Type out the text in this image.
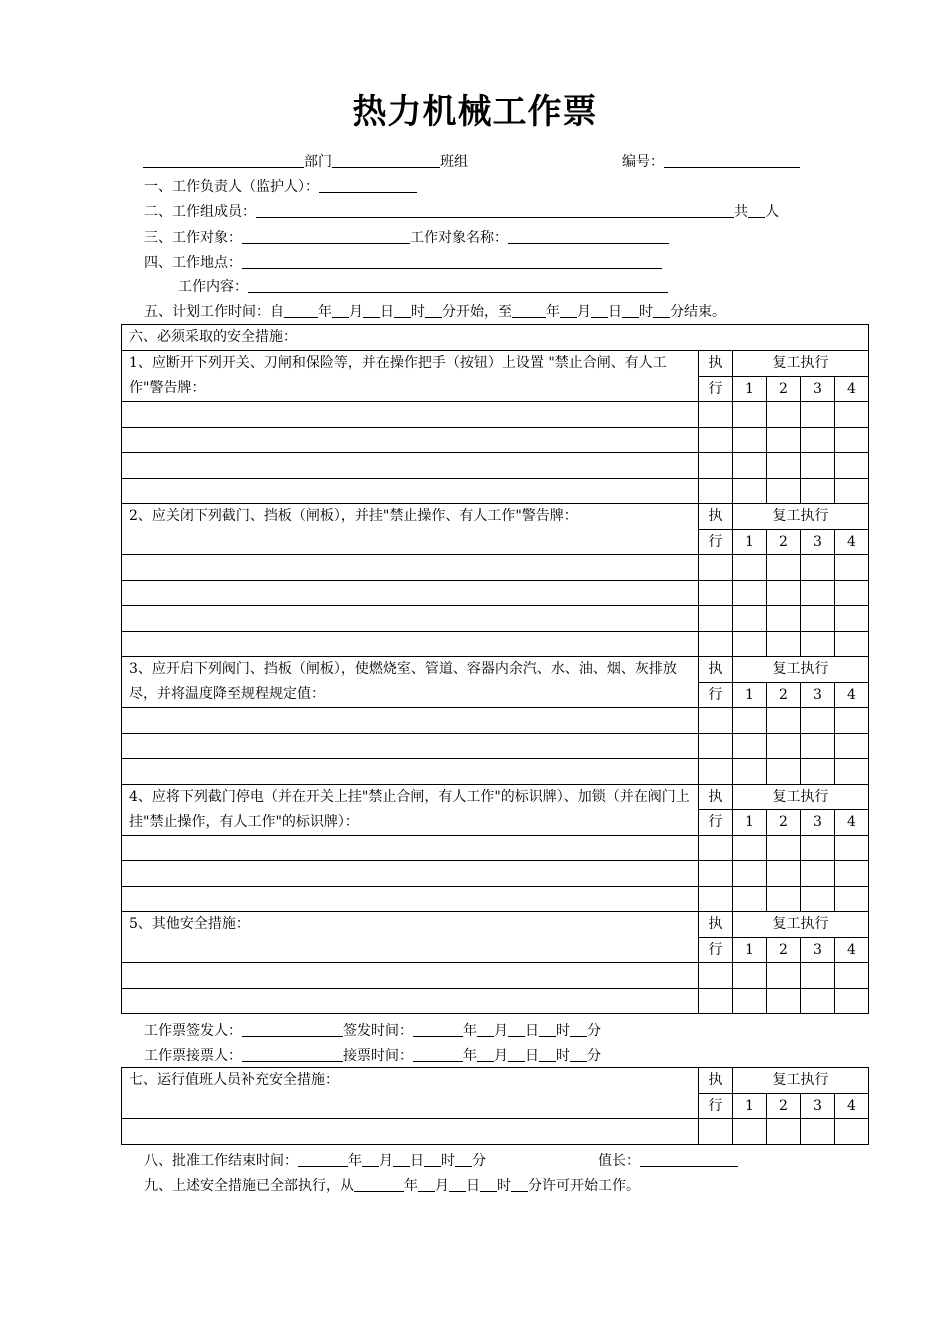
热力机械工作票
部门	班组	编号：
一、工作负责人（监护人）：
二、工作组成员：	共 人
三、工作对象：	工作对象名称：
四、工作地点：
工作内容：
五、计划工作时间：自 年 月 日 时 分开始，至 年 月 日 时 分结束。
六、必须采取的安全措施：					
1、应断开下列开关、刀闸和保险等，并在操作把手（按钮）上设置 "禁止合闸、有人工作"警告牌：	执	复工执行			
	行	1	2	3	4

2、应关闭下列截门、挡板（闸板），并挂"禁止操作、有人工作"警告牌：	执	复工执行			
	行	1	2	3	4

3、应开启下列阀门、挡板（闸板），使燃烧室、管道、容器内余汽、水、油、烟、灰排放尽，并将温度降至规程规定值：	执	复工执行			
	行	1	2	3	4

4、应将下列截门停电（并在开关上挂"禁止合闸，有人工作"的标识牌）、加锁（并在阀门上挂"禁止操作，有人工作"的标识牌）：	执	复工执行			
	行	1	2	3	4

5、其他安全措施：	执	复工执行			
	行	1	2	3	4

工作票签发人：	签发时间：	年 月 日 时 分
工作票接票人：	接票时间：	年 月 日 时 分
七、运行值班人员补充安全措施：	执	复工执行			
	行	1	2	3	4

八、批准工作结束时间：	年 月 日 时 分	值长：
九、上述安全措施已全部执行，从	年 月 日 时 分许可开始工作。
